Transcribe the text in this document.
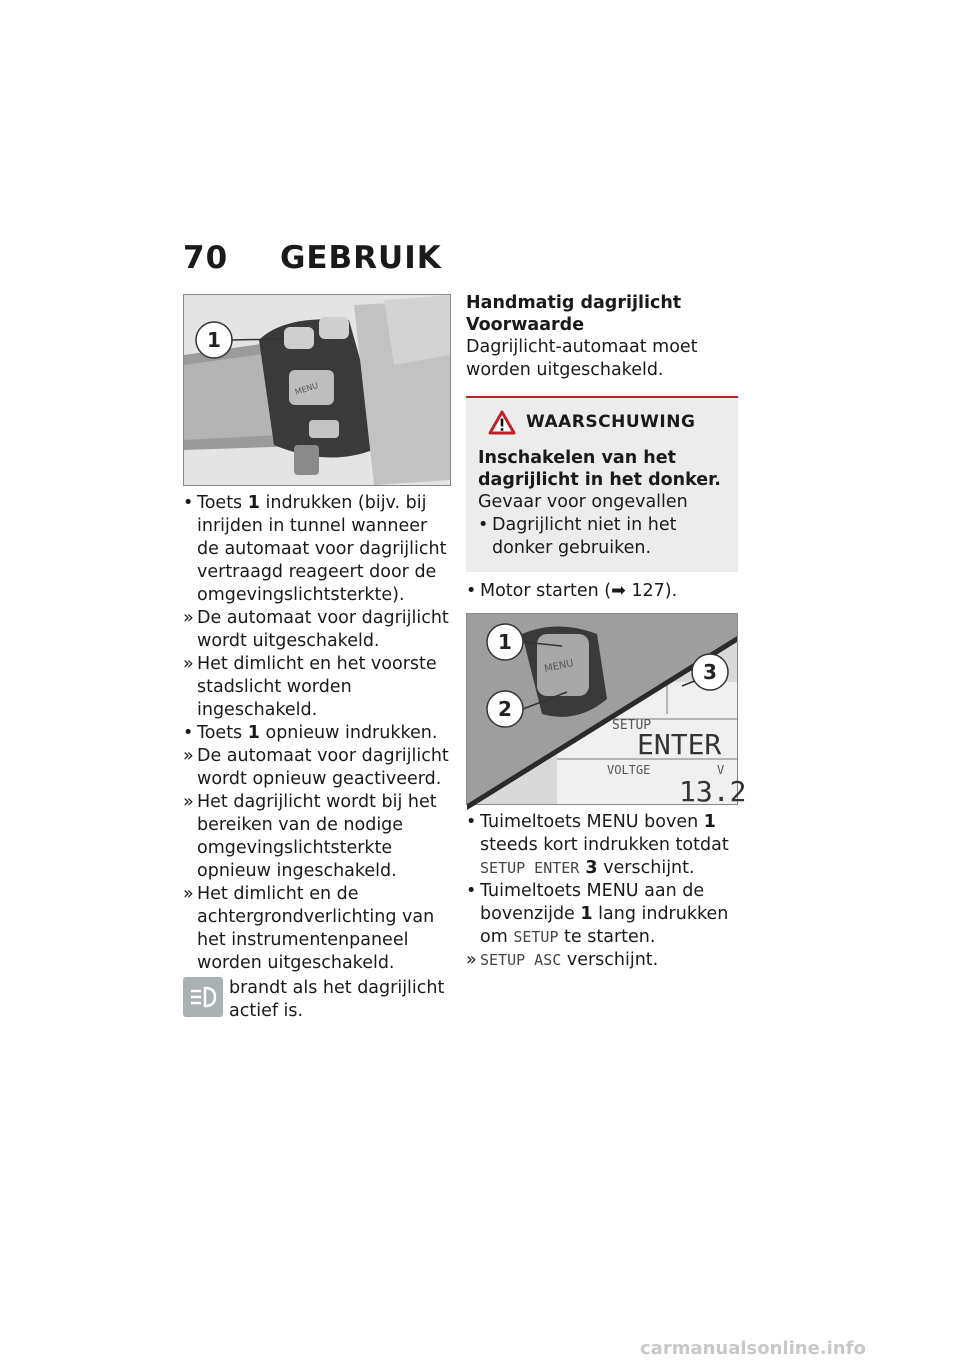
70 GEBRUIK
MENU
1
• Toets 1 indrukken (bijv. bij inrijden in tunnel wanneer de automaat voor dagrijlicht vertraagd reageert door de omgevingslichtsterkte).
» De automaat voor dagrijlicht wordt uitgeschakeld.
» Het dimlicht en het voorste stadslicht worden ingeschakeld.
• Toets 1 opnieuw indrukken.
» De automaat voor dagrijlicht wordt opnieuw geactiveerd.
» Het dagrijlicht wordt bij het bereiken van de nodige omgevingslichtsterkte opnieuw ingeschakeld.
» Het dimlicht en de achtergrondverlichting van het instrumentenpaneel worden uitgeschakeld.
brandt als het dagrijlicht actief is.
Handmatig dagrijlicht
Voorwaarde
Dagrijlicht-automaat moet worden uitgeschakeld.
WAARSCHUWING
Inschakelen van het dagrijlicht in het donker.
Gevaar voor ongevallen
• Dagrijlicht niet in het donker gebruiken.
• Motor starten (➡ 127).
SETUP
ENTER
VOLTGE	V
13.2
MENU
1
2
3
• Tuimeltoets MENU boven 1 steeds kort indrukken totdat SETUP ENTER 3 verschijnt.
• Tuimeltoets MENU aan de bovenzijde 1 lang indrukken om SETUP te starten.
» SETUP ASC verschijnt.
carmanualsonline.info
